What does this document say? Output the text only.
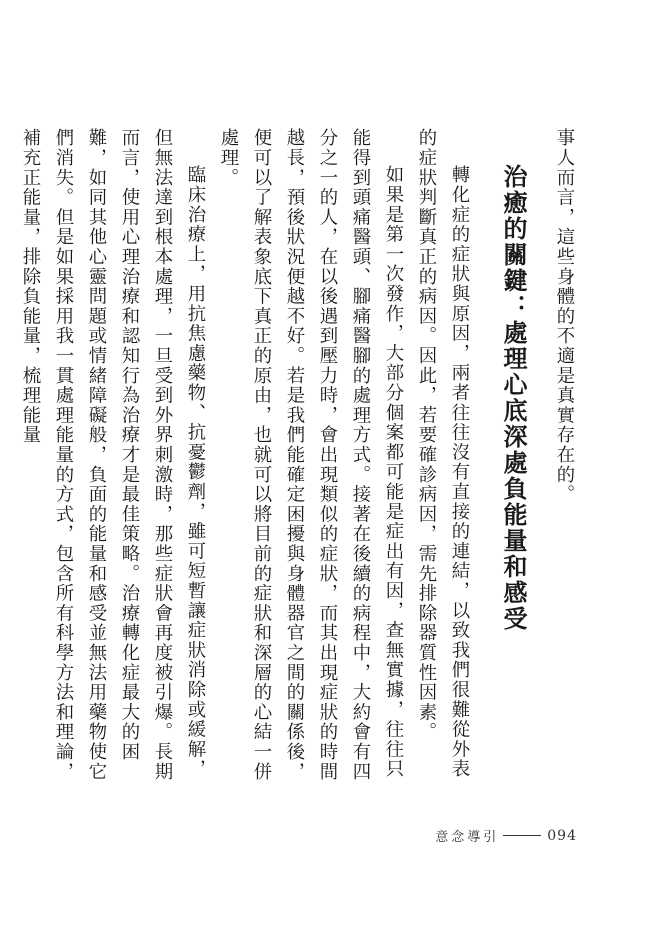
事人而言，這些身體的不適是真實存在的。

治癒的關鍵：處理心底深處負能量和感受

轉化症的症狀與原因，兩者往往沒有直接的連結，以致我們很難從外表的症狀判斷真正的病因。因此，若要確診病因，需先排除器質性因素。

如果是第一次發作，大部分個案都可能是症出有因，查無實據，往往只能得到頭痛醫頭、腳痛醫腳的處理方式。接著在後續的病程中，大約會有四分之一的人，在以後遇到壓力時，會出現類似的症狀，而其出現症狀的時間越長，預後狀況便越不好。若是我們能確定困擾與身體器官之間的關係後，便可以了解表象底下真正的原由，也就可以將目前的症狀和深層的心結一併處理。

臨床治療上，用抗焦慮藥物、抗憂鬱劑，雖可短暫讓症狀消除或緩解，但無法達到根本處理，一旦受到外界刺激時，那些症狀會再度被引爆。長期而言，使用心理治療和認知行為治療才是最佳策略。治療轉化症最大的困難，如同其他心靈問題或情緒障礙般，負面的能量和感受並無法用藥物使它們消失。但是如果採用我一貫處理能量的方式，包含所有科學方法和理論，補充正能量，排除負能量，梳理能量

意念導引	094
